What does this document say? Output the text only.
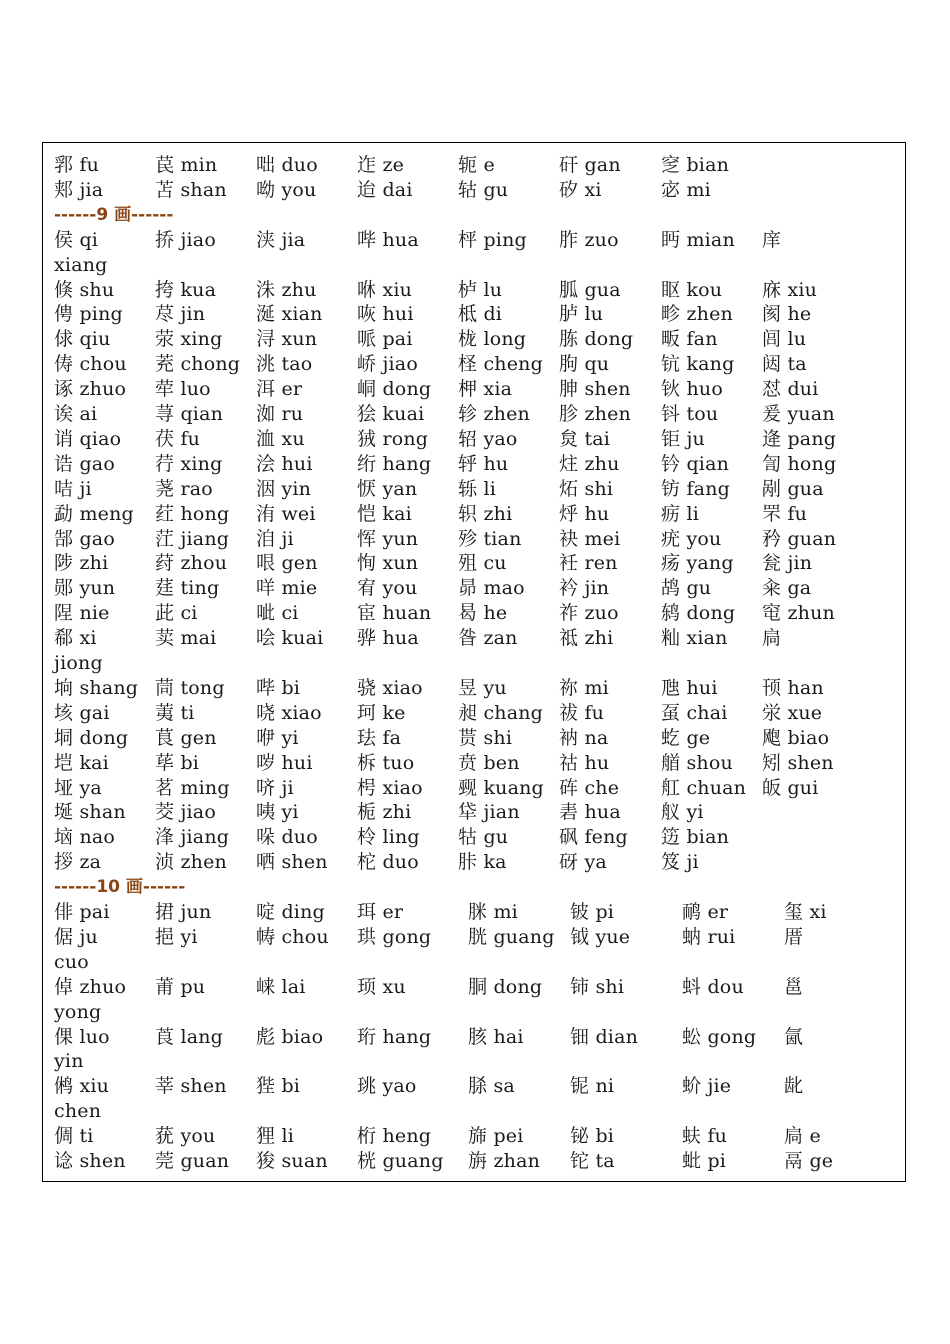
郛 fu	苠 min 咄 duo 迮 ze	轭 e	矸 gan 窆 bian
郏 jia	苫 shan 呦 you 迨 dai 轱 gu	矽 xi	宓 mi
------9 画------
侯 qi	挢 jiao 浃 jia	哔 hua 枰 ping 胙 zuo 眄 mian 庠
xiang
倏 shu 挎 kua 洙 zhu 咻 xiu 栌 lu	胍 gua 眍 kou 庥 xiu
俜 ping 荩 jin	涎 xian 咴 hui 柢 di	胪 lu	畛 zhen 阂 he
俅 qiu 荥 xing 浔 xun 哌 pai 栊 long 胨 dong 畈 fan 闾 lu
俦 chou 茺 chong 洮 tao 峤 jiao 柽 cheng 朐 qu	钪 kang 闼 ta
诼 zhuo 荦 luo 洱 er	峒 dong 柙 xia 胂 shen 钬 huo 怼 dui
诶 ai	荨 qian 洳 ru	狯 kuai 轸 zhen 胗 zhen 钭 tou 爰 yuan
诮 qiao 茯 fu	洫 xu	狨 rong 轺 yao 炱 tai	钜 ju	逄 pang
诰 gao 荇 xing 浍 hui 绗 hang 轷 hu	炷 zhu 钤 qian 訇 hong
咭 ji	荛 rao 洇 yin 恹 yan 轹 li	炻 shi	钫 fang 剐 gua
勐 meng 荭 hong 洧 wei 恺 kai 轵 zhi 烀 hu	疬 li	罘 fu
郜 gao 茳 jiang 洎 ji	恽 yun 殄 tian 袂 mei 疣 you 矜 guan
陟 zhi 荮 zhou 哏 gen 恂 xun 殂 cu	衽 ren 疡 yang 瓮 jin
郧 yun 莛 ting 咩 mie 宥 you 昴 mao 衿 jin	鸪 gu	籴 ga
陧 nie 茈 ci	呲 ci	宦 huan 曷 he	祚 zuo 鸫 dong 窀 zhun
郗 xi	荬 mai 哙 kuai 骅 hua 昝 zan 祗 zhi	籼 xian 扃
jiong
垧 shang 茼 tong 哔 bi	骁 xiao 昱 yu	祢 mi	虺 hui 顸 han
垓 gai 荑 ti	哓 xiao 珂 ke	昶 chang 祓 fu	虿 chai 泶 xue
垌 dong 茛 gen 咿 yi	珐 fa	贳 shi 衲 na	虼 ge	飑 biao
垲 kai 荜 bi	哕 hui 柝 tuo 贲 ben 祜 hu	艏 shou 矧 shen
垭 ya	茗 ming 哜 ji	枵 xiao 觋 kuang 砗 che 舡 chuan 皈 gui
埏 shan 茭 jiao 咦 yi	栀 zhi 牮 jian 砉 hua 舣 yi
垴 nao 浲 jiang 哚 duo 柃 ling 牯 gu	砜 feng 笾 bian
拶 za	浈 zhen 哂 shen 柁 duo 胩 ka	砑 ya	笈 ji
------10 画------
俳 pai 捃 jun 啶 ding 珥 er	脒 mi	铍 pi	鸸 er	玺 xi
倨 ju	挹 yi	帱 chou 珙 gong 胱 guang 钺 yue	蚋 rui	厝
cuo
倬 zhuo 莆 pu	崃 lai	顼 xu	胴 dong 铈 shi	蚪 dou 邕
yong
倮 luo 莨 lang 彪 biao 珩 hang 胲 hai 钿 dian 蚣 gong 氤
yin
鸺 xiu 莘 shen 狴 bi	珧 yao	脎 sa	铌 ni	蚧 jie	龀
chen
倜 ti	莸 you 狸 li	桁 heng 旆 pei 铋 bi	蚨 fu	扃 e
谂 shen 莞 guan 狻 suan 桄 guang 旃 zhan 铊 ta	蚍 pi	鬲 ge
